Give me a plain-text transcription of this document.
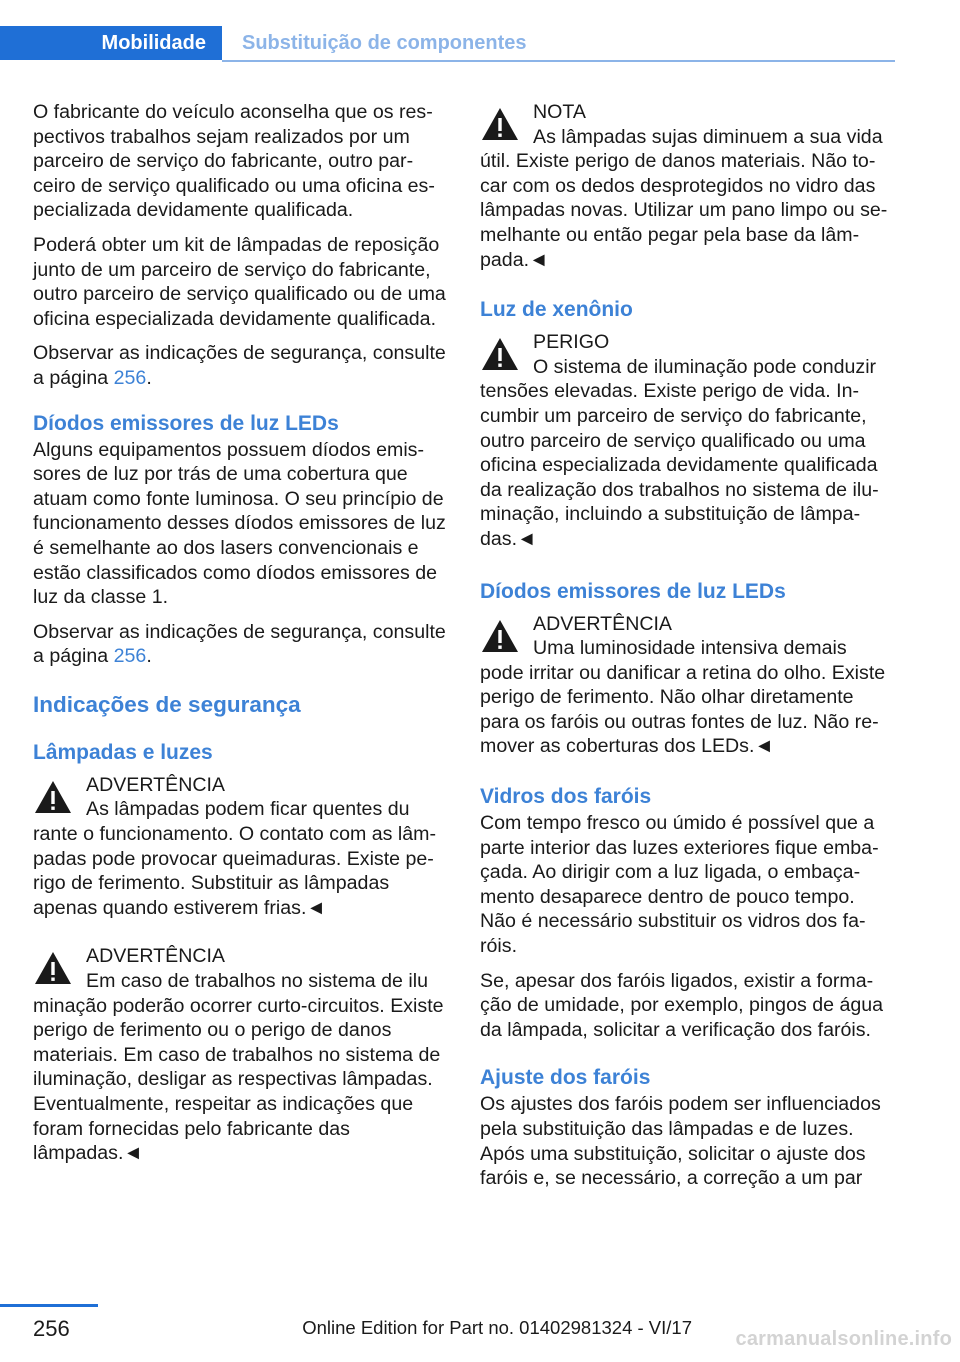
Mobilidade	Substituição de componentes

O fabricante do veículo aconselha que os respectivos trabalhos sejam realizados por um parceiro de serviço do fabricante, outro parceiro de serviço qualificado ou uma oficina especializada devidamente qualificada.

Poderá obter um kit de lâmpadas de reposição junto de um parceiro de serviço do fabricante, outro parceiro de serviço qualificado ou de uma oficina especializada devidamente qualificada.

Observar as indicações de segurança, consulte a página 256.

Díodos emissores de luz LEDs

Alguns equipamentos possuem díodos emissores de luz por trás de uma cobertura que atuam como fonte luminosa. O seu princípio de funcionamento desses díodos emissores de luz é semelhante ao dos lasers convencionais e estão classificados como díodos emissores de luz da classe 1.

Observar as indicações de segurança, consulte a página 256.

Indicações de segurança
Lâmpadas e luzes
ADVERTÊNCIA
As lâmpadas podem ficar quentes du
rante o funcionamento. O contato com as lâmpadas pode provocar queimaduras. Existe perigo de ferimento. Substituir as lâmpadas apenas quando estiverem frias.◄
ADVERTÊNCIA
Em caso de trabalhos no sistema de ilu
minação poderão ocorrer curto-circuitos. Existe perigo de ferimento ou o perigo de danos materiais. Em caso de trabalhos no sistema de iluminação, desligar as respectivas lâmpadas. Eventualmente, respeitar as indicações que foram fornecidas pelo fabricante das lâmpadas.◄
NOTA
As lâmpadas sujas diminuem a sua vida
útil. Existe perigo de danos materiais. Não tocar com os dedos desprotegidos no vidro das lâmpadas novas. Utilizar um pano limpo ou semelhante ou então pegar pela base da lâmpada.◄
Luz de xenônio
PERIGO
O sistema de iluminação pode conduzir
tensões elevadas. Existe perigo de vida. Incumbir um parceiro de serviço do fabricante, outro parceiro de serviço qualificado ou uma oficina especializada devidamente qualificada da realização dos trabalhos no sistema de iluminação, incluindo a substituição de lâmpadas.◄
Díodos emissores de luz LEDs
ADVERTÊNCIA
Uma luminosidade intensiva demais
pode irritar ou danificar a retina do olho. Existe perigo de ferimento. Não olhar diretamente para os faróis ou outras fontes de luz. Não remover as coberturas dos LEDs.◄
Vidros dos faróis

Com tempo fresco ou úmido é possível que a parte interior das luzes exteriores fique embaçada. Ao dirigir com a luz ligada, o embaçamento desaparece dentro de pouco tempo. Não é necessário substituir os vidros dos faróis.

Se, apesar dos faróis ligados, existir a formação de umidade, por exemplo, pingos de água da lâmpada, solicitar a verificação dos faróis.

Ajuste dos faróis

Os ajustes dos faróis podem ser influenciados pela substituição das lâmpadas e de luzes. Após uma substituição, solicitar o ajuste dos faróis e, se necessário, a correção a um par

256	Online Edition for Part no. 01402981324 - VI/17
carmanualsonline.info
